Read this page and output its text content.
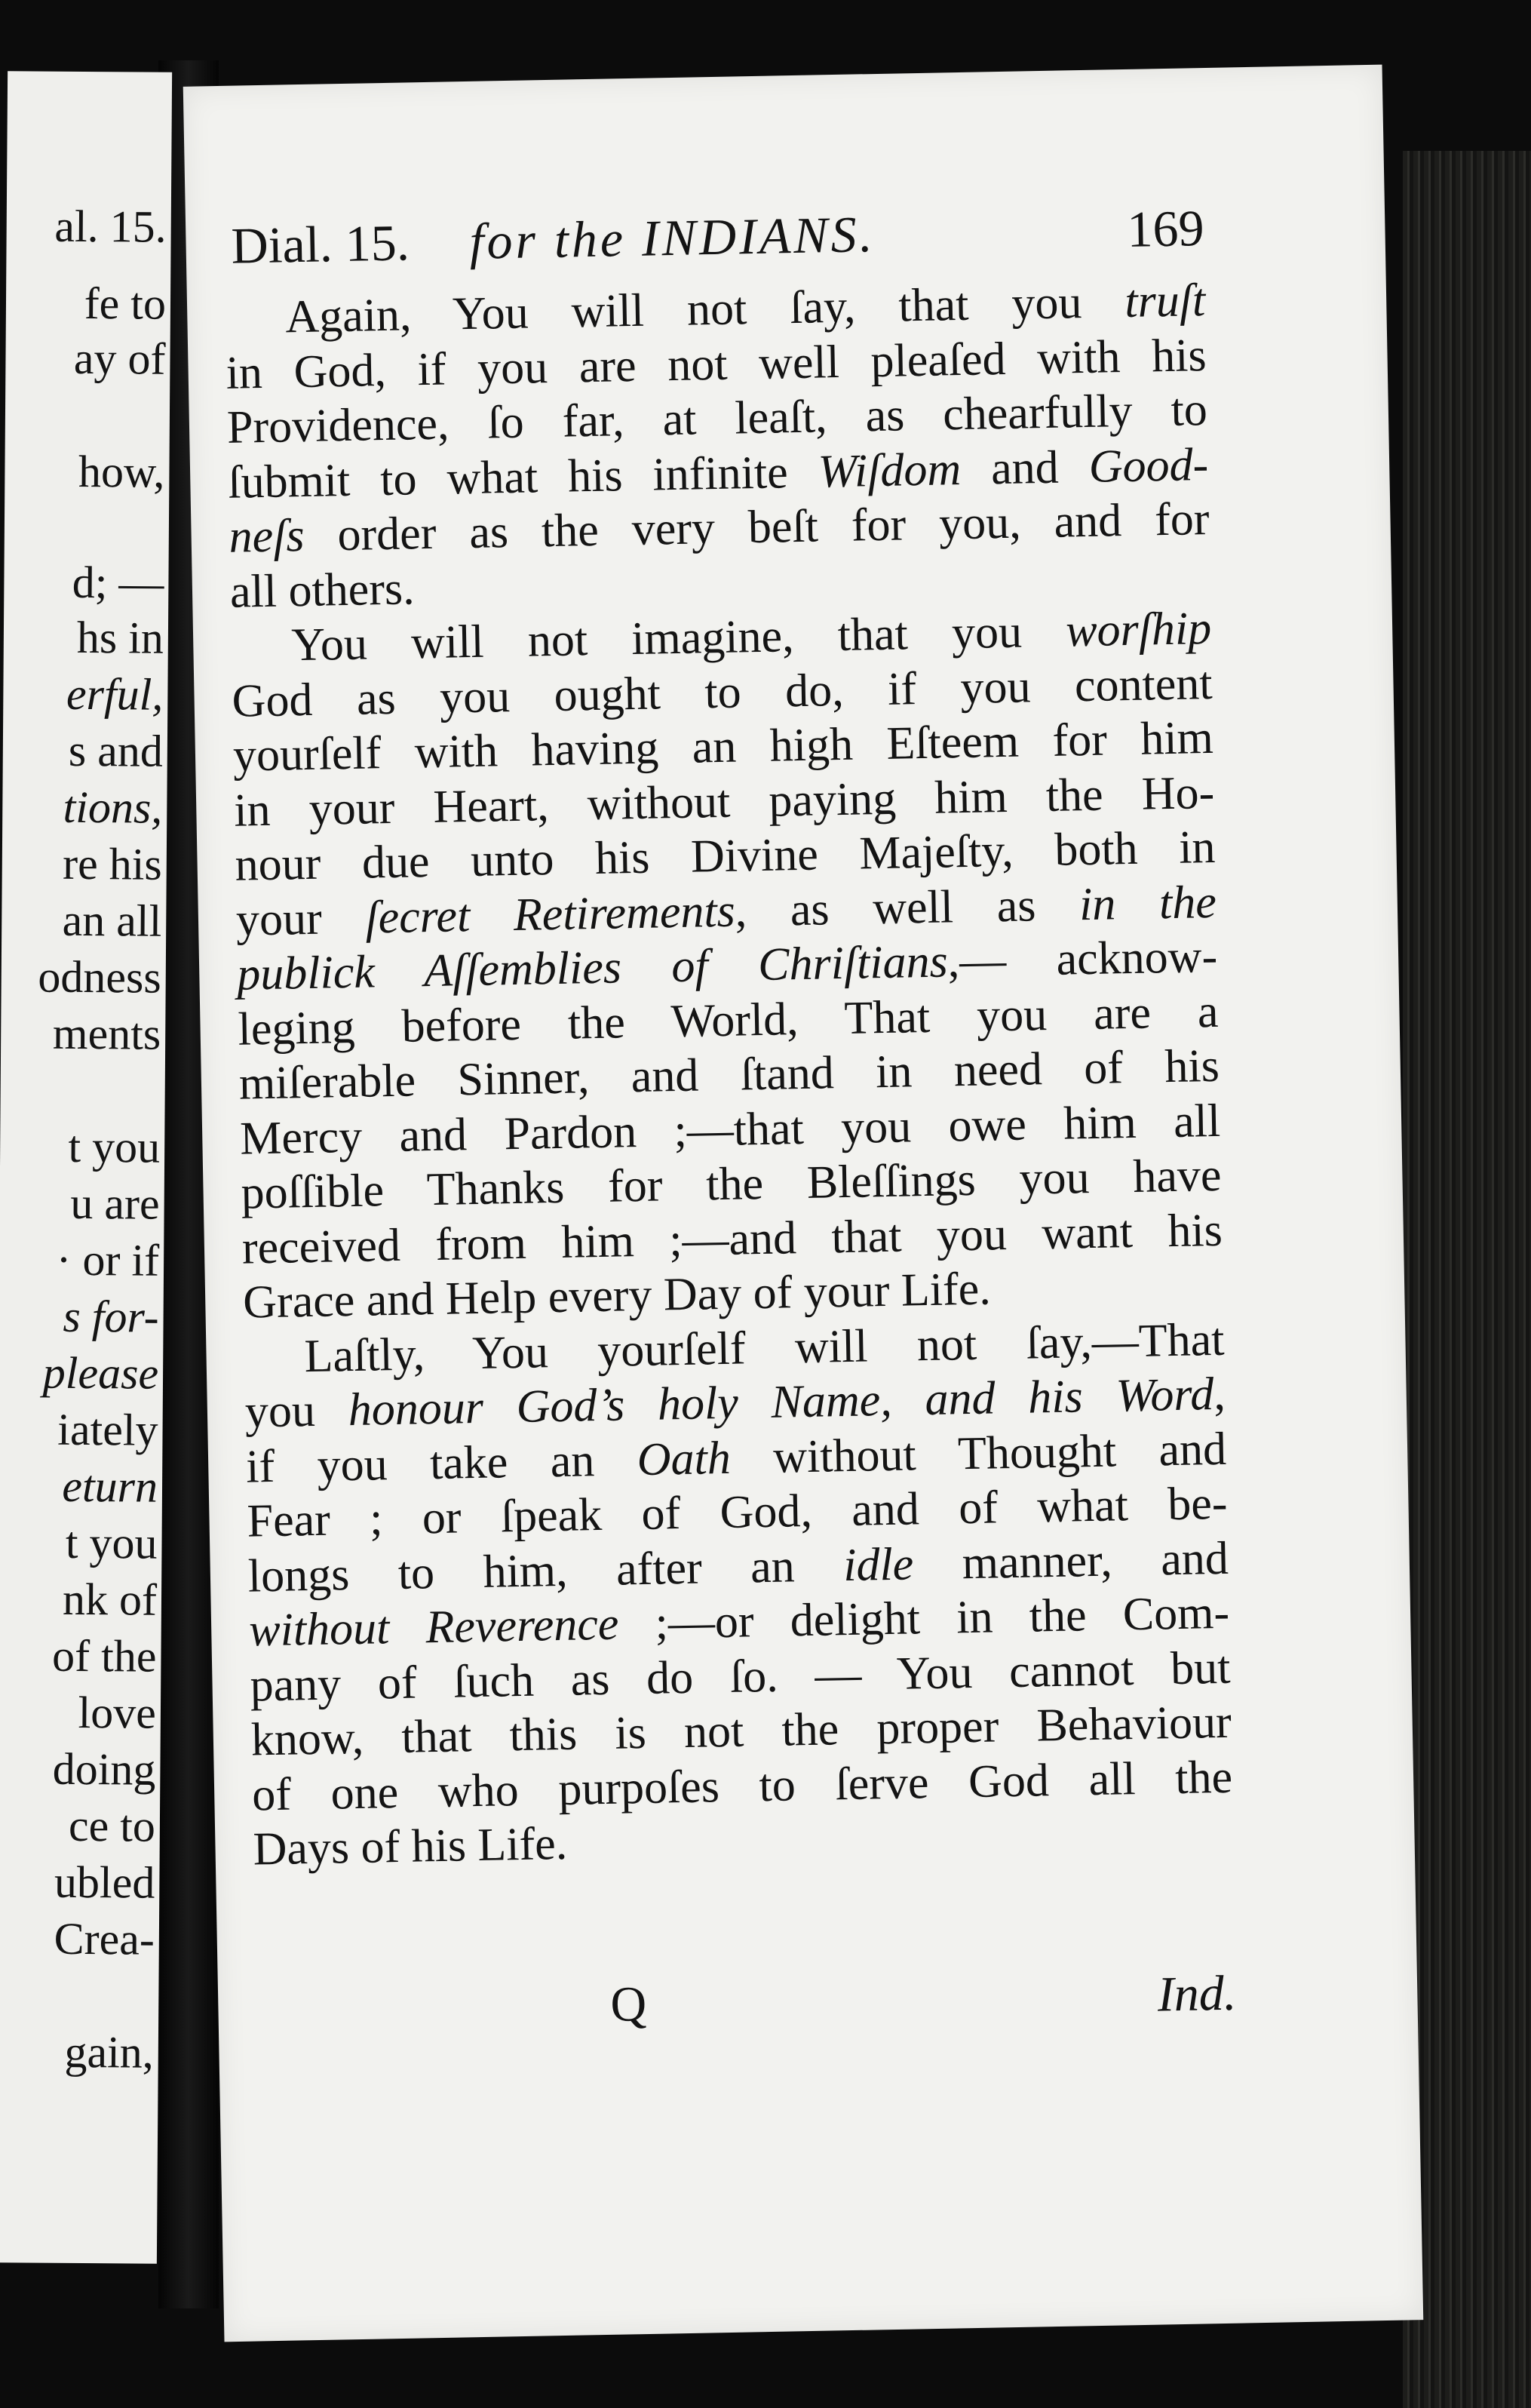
al. 15.
fe to
ay of
how,
d; —
hs in
erful,
s and
tions,
re his
an all
odness
ments
t you
u are
· or if
s for-
please
iately
eturn
t you
nk of
of the
love
doing
ce to
ubled
Crea-
gain,
Dial. 15. for the INDIANS.	169
Again, You will not ſay, that you truſt
in God, if you are not well pleaſed with his
Providence, ſo far, at leaſt, as chearfully to
ſubmit to what his infinite Wiſdom and Good-
neſs order as the very beſt for you, and for
all others.
You will not imagine, that you worſhip
God as you ought to do, if you content
yourſelf with having an high Eſteem for him
in your Heart, without paying him the Ho-
nour due unto his Divine Majeſty, both in
your ſecret Retirements, as well as in the
publick Aſſemblies of Chriſtians,— acknow-
leging before the World, That you are a
miſerable Sinner, and ſtand in need of his
Mercy and Pardon ;—that you owe him all
poſſible Thanks for the Bleſſings you have
received from him ;—and that you want his
Grace and Help every Day of your Life.
Laſtly, You yourſelf will not ſay,—That
you honour God’s holy Name, and his Word,
if you take an Oath without Thought and
Fear ; or ſpeak of God, and of what be-
longs to him, after an idle manner, and
without Reverence ;—or delight in the Com-
pany of ſuch as do ſo. — You cannot but
know, that this is not the proper Behaviour
of one who purpoſes to ſerve God all the
Days of his Life.
Q	Ind.
